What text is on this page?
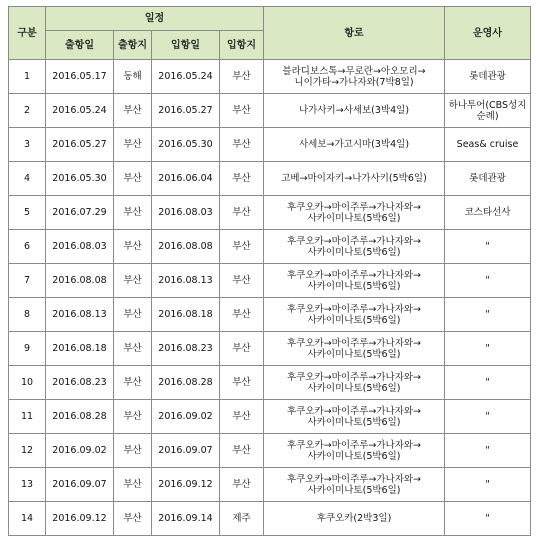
구분	일정				항로	운영사
	출항일	출항지	입항일	입항지		
1	2016.05.17	동해	2016.05.24	부산	블라디보스톡→무로란→아오모리→니이가타→가나자와(7박8일)	롯데관광
2	2016.05.24	부산	2016.05.27	부산	나가사키→사세보(3박4일)	하나투어(CBS성지순례)
3	2016.05.27	부산	2016.05.30	부산	사세보→가고시마(3박4일)	Seas& cruise
4	2016.05.30	부산	2016.06.04	부산	고베→마이자키→나가사키(5박6일)	롯데관광
5	2016.07.29	부산	2016.08.03	부산	후쿠오카→마이주루→가나자와→사카이미나토(5박6일)	코스타선사
6	2016.08.03	부산	2016.08.08	부산	후쿠오카→마이주루→가나자와→사카이미나토(5박6일)	"
7	2016.08.08	부산	2016.08.13	부산	후쿠오카→마이주루→가나자와→사카이미나토(5박6일)	"
8	2016.08.13	부산	2016.08.18	부산	후쿠오카→마이주루→가나자와→사카이미나토(5박6일)	"
9	2016.08.18	부산	2016.08.23	부산	후쿠오카→마이주루→가나자와→사카이미나토(5박6일)	"
10	2016.08.23	부산	2016.08.28	부산	후쿠오카→마이주루→가나자와→사카이미나토(5박6일)	"
11	2016.08.28	부산	2016.09.02	부산	후쿠오카→마이주루→가나자와→사카이미나토(5박6일)	"
12	2016.09.02	부산	2016.09.07	부산	후쿠오카→마이주루→가나자와→사카이미나토(5박6일)	"
13	2016.09.07	부산	2016.09.12	부산	후쿠오카→마이주루→가나자와→사카이미나토(5박6일)	"
14	2016.09.12	부산	2016.09.14	제주	후쿠오카(2박3일)	"
